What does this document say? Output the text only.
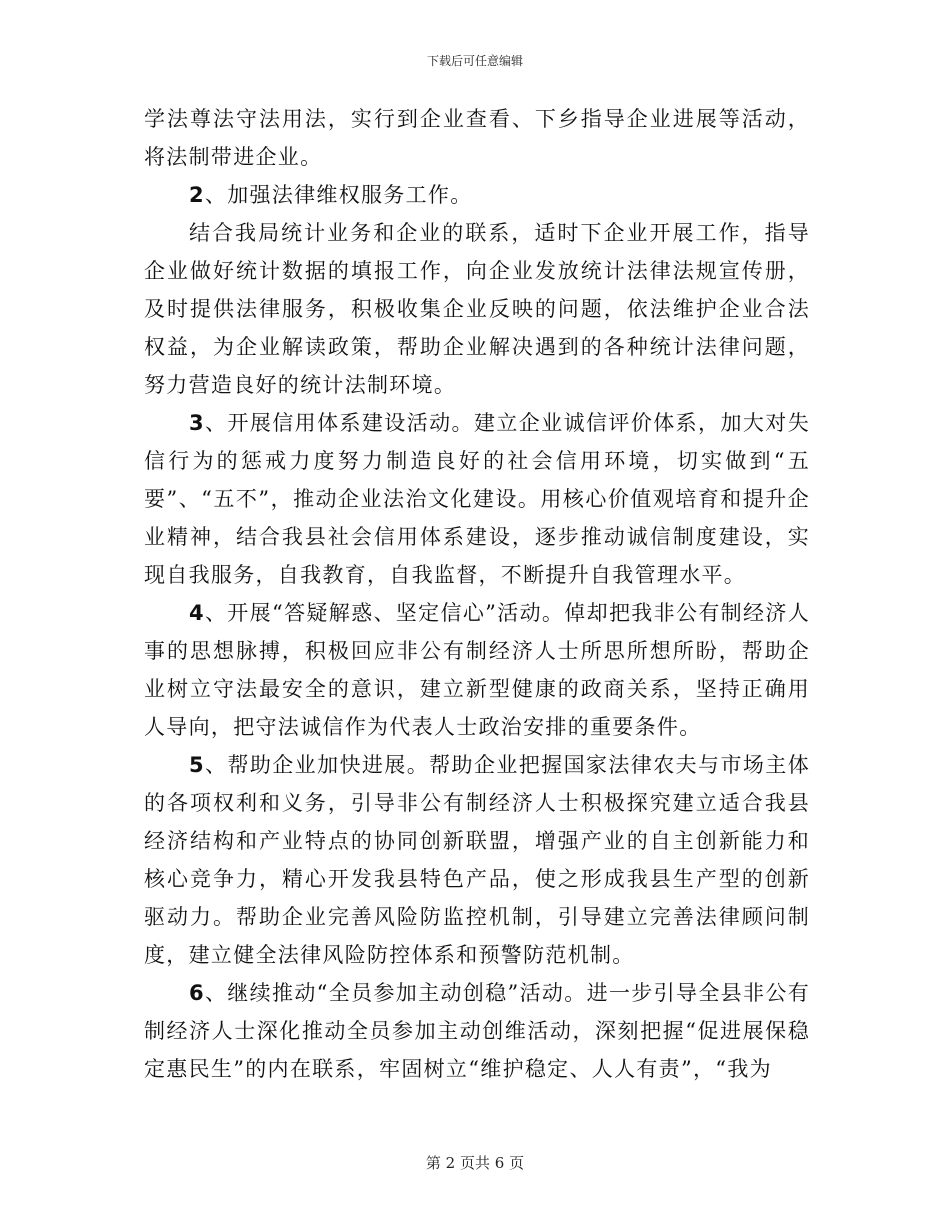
下载后可任意编辑

学法尊法守法用法，实行到企业查看、下乡指导企业进展等活动，将法制带进企业。

2、加强法律维权服务工作。

结合我局统计业务和企业的联系，适时下企业开展工作，指导企业做好统计数据的填报工作，向企业发放统计法律法规宣传册，及时提供法律服务，积极收集企业反映的问题，依法维护企业合法权益，为企业解读政策，帮助企业解决遇到的各种统计法律问题，努力营造良好的统计法制环境。

3、开展信用体系建设活动。建立企业诚信评价体系，加大对失信行为的惩戒力度努力制造良好的社会信用环境，切实做到“五要”、“五不”，推动企业法治文化建设。用核心价值观培育和提升企业精神，结合我县社会信用体系建设，逐步推动诚信制度建设，实现自我服务，自我教育，自我监督，不断提升自我管理水平。

4、开展“答疑解惑、坚定信心”活动。倬却把我非公有制经济人事的思想脉搏，积极回应非公有制经济人士所思所想所盼，帮助企业树立守法最安全的意识，建立新型健康的政商关系，坚持正确用人导向，把守法诚信作为代表人士政治安排的重要条件。

5、帮助企业加快进展。帮助企业把握国家法律农夫与市场主体的各项权利和义务，引导非公有制经济人士积极探究建立适合我县经济结构和产业特点的协同创新联盟，增强产业的自主创新能力和核心竞争力，精心开发我县特色产品，使之形成我县生产型的创新驱动力。帮助企业完善风险防监控机制，引导建立完善法律顾问制度，建立健全法律风险防控体系和预警防范机制。

6、继续推动“全员参加主动创稳”活动。进一步引导全县非公有制经济人士深化推动全员参加主动创维活动，深刻把握“促进展保稳定惠民生”的内在联系，牢固树立“维护稳定、人人有责”，“我为

第 2 页共 6 页
